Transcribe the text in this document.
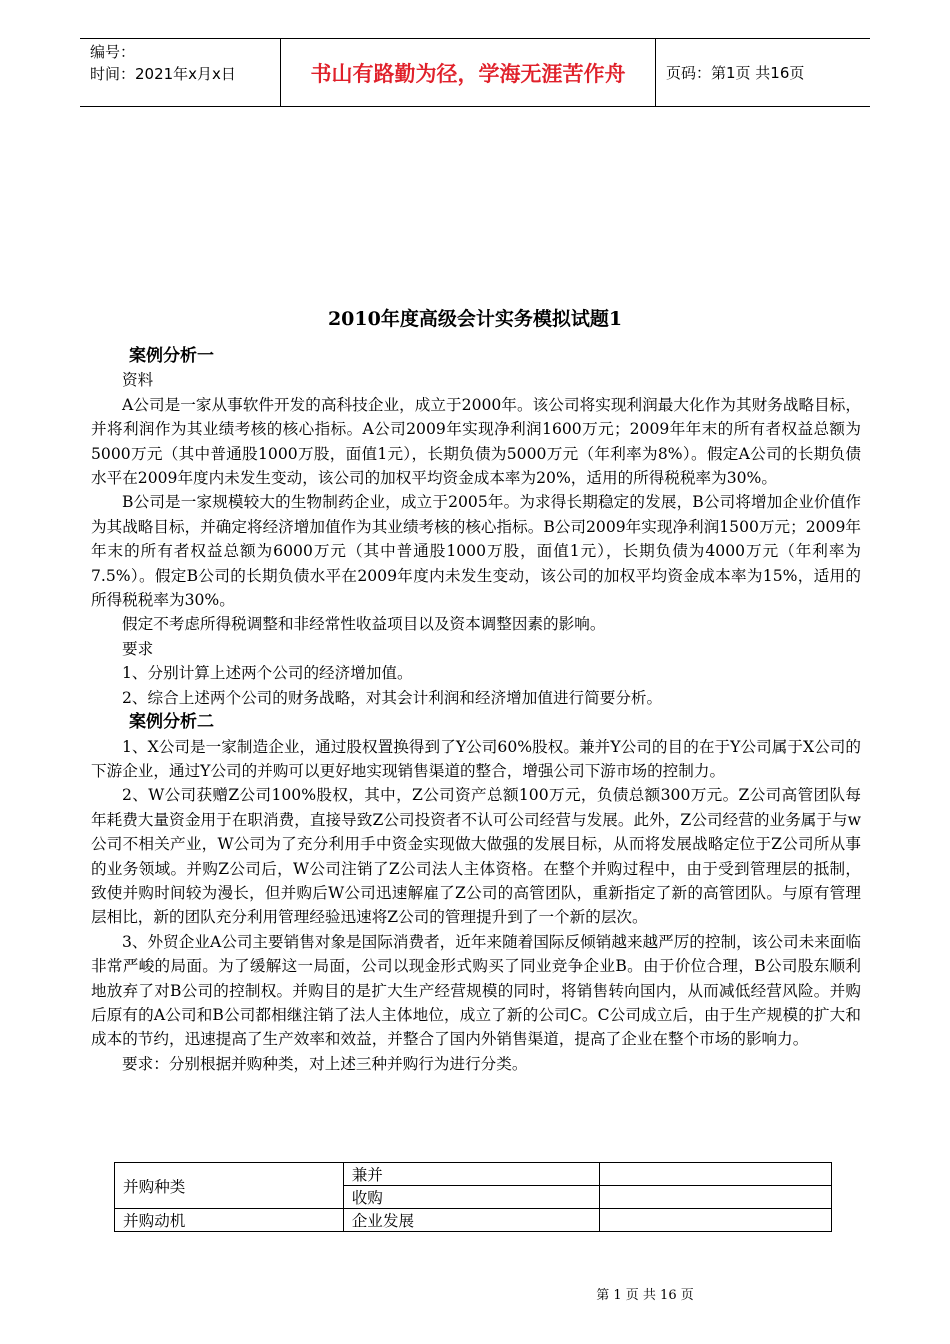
编号：
时间：2021年x月x日	书山有路勤为径，学海无涯苦作舟	页码：第1页 共16页
2010年度高级会计实务模拟试题1

案例分析一

资料

A公司是一家从事软件开发的高科技企业，成立于2000年。该公司将实现利润最大化作为其财务战略目标，并将利润作为其业绩考核的核心指标。A公司2009年实现净利润1600万元；2009年年末的所有者权益总额为5000万元（其中普通股1000万股，面值1元），长期负债为5000万元（年利率为8%）。假定A公司的长期负债水平在2009年度内未发生变动，该公司的加权平均资金成本率为20%，适用的所得税税率为30%。

B公司是一家规模较大的生物制药企业，成立于2005年。为求得长期稳定的发展，B公司将增加企业价值作为其战略目标，并确定将经济增加值作为其业绩考核的核心指标。B公司2009年实现净利润1500万元；2009年年末的所有者权益总额为6000万元（其中普通股1000万股，面值1元），长期负债为4000万元（年利率为7.5%）。假定B公司的长期负债水平在2009年度内未发生变动，该公司的加权平均资金成本率为15%，适用的所得税税率为30%。

假定不考虑所得税调整和非经常性收益项目以及资本调整因素的影响。

要求

1、分别计算上述两个公司的经济增加值。

2、综合上述两个公司的财务战略，对其会计利润和经济增加值进行简要分析。

案例分析二

1、X公司是一家制造企业，通过股权置换得到了Y公司60%股权。兼并Y公司的目的在于Y公司属于X公司的下游企业，通过Y公司的并购可以更好地实现销售渠道的整合，增强公司下游市场的控制力。

2、W公司获赠Z公司100%股权，其中，Z公司资产总额100万元，负债总额300万元。Z公司高管团队每年耗费大量资金用于在职消费，直接导致Z公司投资者不认可公司经营与发展。此外，Z公司经营的业务属于与w公司不相关产业，W公司为了充分利用手中资金实现做大做强的发展目标，从而将发展战略定位于Z公司所从事的业务领域。并购Z公司后，W公司注销了Z公司法人主体资格。在整个并购过程中，由于受到管理层的抵制，致使并购时间较为漫长，但并购后W公司迅速解雇了Z公司的高管团队，重新指定了新的高管团队。与原有管理层相比，新的团队充分利用管理经验迅速将Z公司的管理提升到了一个新的层次。

3、外贸企业A公司主要销售对象是国际消费者，近年来随着国际反倾销越来越严厉的控制，该公司未来面临非常严峻的局面。为了缓解这一局面，公司以现金形式购买了同业竞争企业B。由于价位合理，B公司股东顺利地放弃了对B公司的控制权。并购目的是扩大生产经营规模的同时，将销售转向国内，从而减低经营风险。并购后原有的A公司和B公司都相继注销了法人主体地位，成立了新的公司C。C公司成立后，由于生产规模的扩大和成本的节约，迅速提高了生产效率和效益，并整合了国内外销售渠道，提高了企业在整个市场的影响力。

要求：分别根据并购种类，对上述三种并购行为进行分类。

并购种类	兼并	
	收购	
并购动机	企业发展	
第 1 页 共 16 页
